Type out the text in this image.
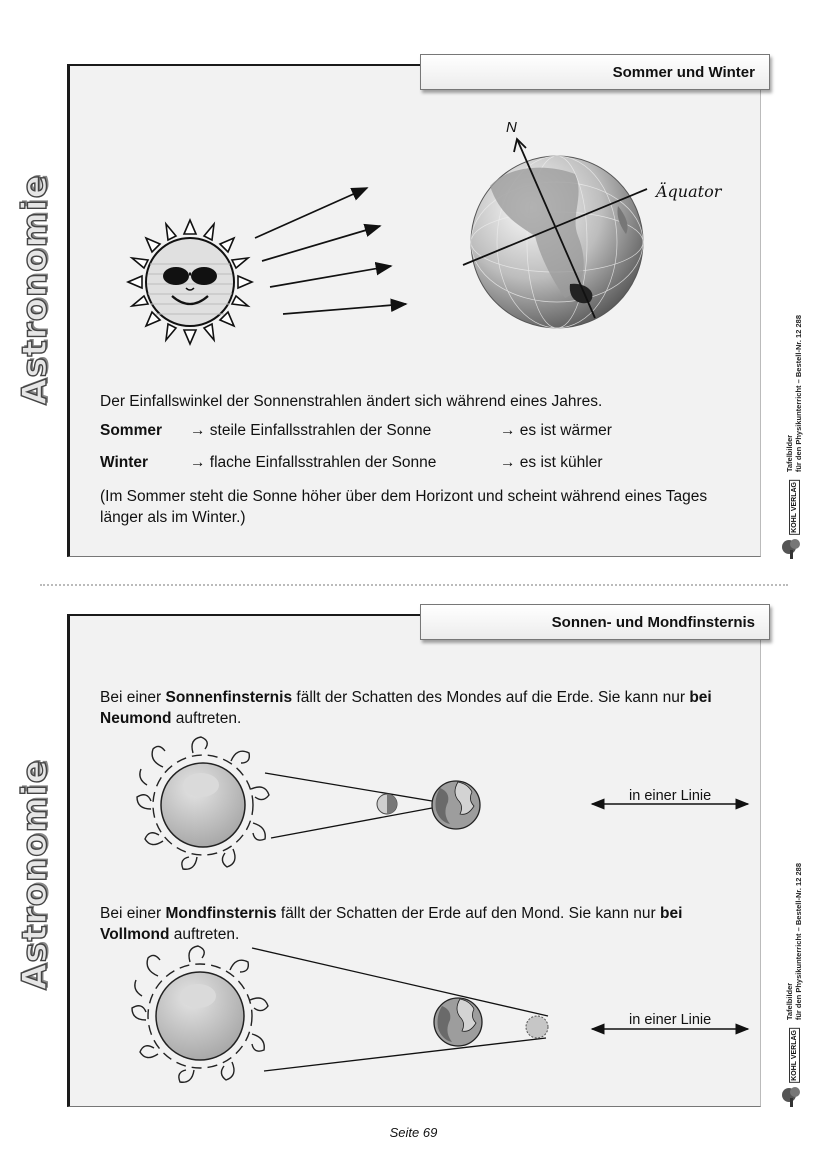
Astronomie
Astronomie
Sommer und Winter
N
Äquator
Der Einfallswinkel der Sonnenstrahlen ändert sich während eines Jahres.
Sommer → steile Einfallsstrahlen der Sonne	→ es ist wärmer
Winter	→ flache Einfallsstrahlen der Sonne	→ es ist kühler
(Im Sommer steht die Sonne höher über dem Horizont und scheint während eines Tages länger als im Winter.)
Sonnen- und Mondfinsternis
Bei einer Sonnenfinsternis fällt der Schatten des Mondes auf die Erde. Sie kann nur bei Neumond auftreten.
Bei einer Mondfinsternis fällt der Schatten der Erde auf den Mond. Sie kann nur bei Vollmond auftreten.
in einer Linie
in einer Linie
Tafelbilder für den Physikunterricht – Bestell-Nr. 12 288
KOHL VERLAG
Tafelbilder für den Physikunterricht – Bestell-Nr. 12 288
KOHL VERLAG
Seite 69
